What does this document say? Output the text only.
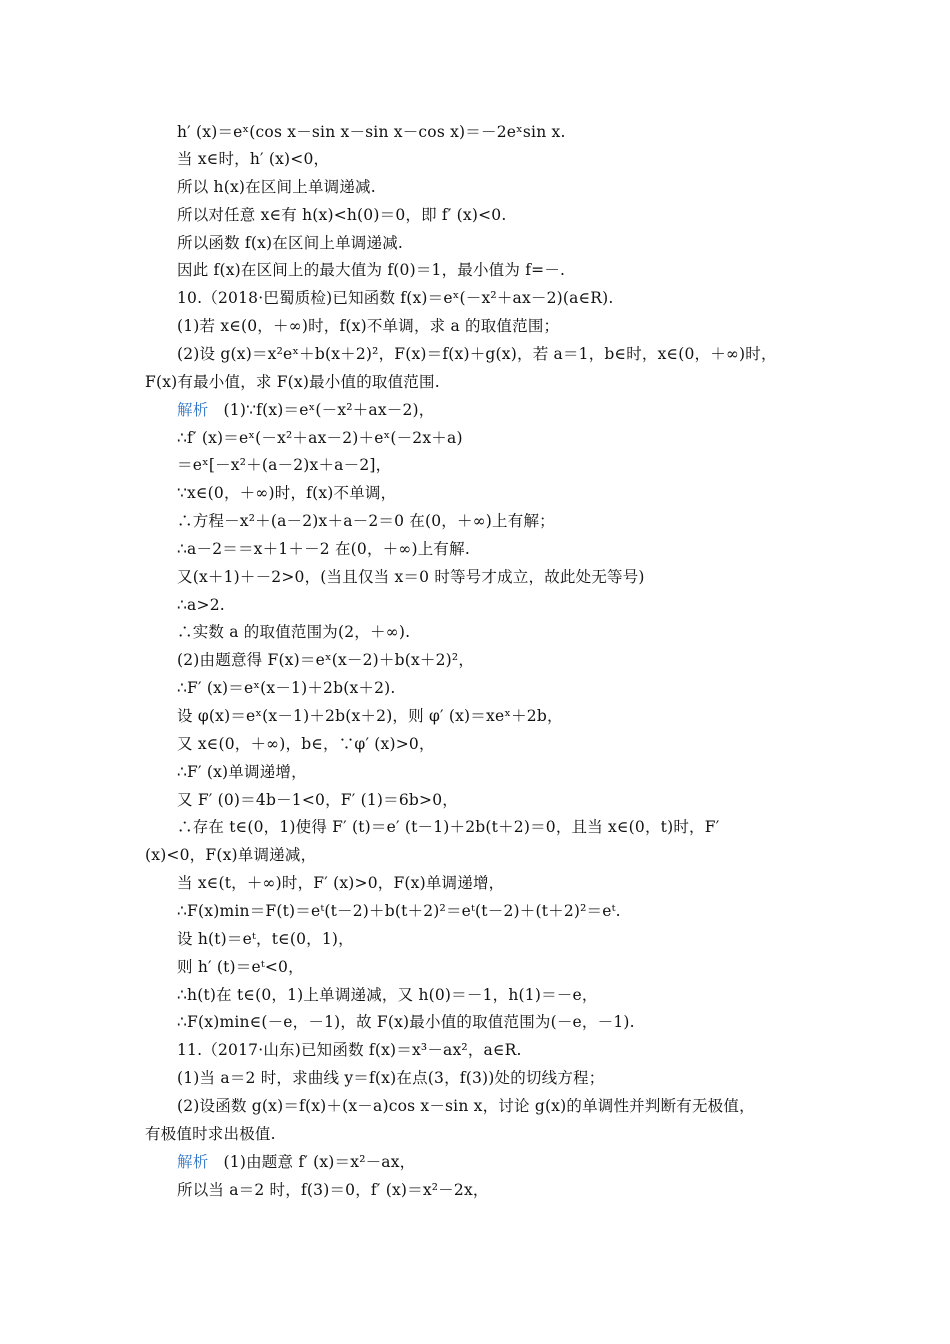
h′ (x)＝eˣ(cos x－sin x－sin x－cos x)＝－2eˣsin x.
当 x∈时，h′ (x)<0，
所以 h(x)在区间上单调递减.
所以对任意 x∈有 h(x)<h(0)＝0，即 f′ (x)<0.
所以函数 f(x)在区间上单调递减.
因此 f(x)在区间上的最大值为 f(0)＝1，最小值为 f=－.
10.（2018·巴蜀质检)已知函数 f(x)＝eˣ(－x²＋ax－2)(a∈R).
(1)若 x∈(0，＋∞)时，f(x)不单调，求 a 的取值范围；
(2)设 g(x)＝x²eˣ＋b(x＋2)²，F(x)＝f(x)＋g(x)，若 a＝1，b∈时，x∈(0，＋∞)时，
F(x)有最小值，求 F(x)最小值的取值范围.
解析 (1)∵f(x)＝eˣ(－x²＋ax－2)，
∴f′ (x)＝eˣ(－x²＋ax－2)＋eˣ(－2x＋a)
＝eˣ[－x²＋(a－2)x＋a－2]，
∵x∈(0，＋∞)时，f(x)不单调，
∴方程－x²＋(a－2)x＋a－2＝0 在(0，＋∞)上有解；
∴a－2＝＝x＋1＋－2 在(0，＋∞)上有解.
又(x＋1)＋－2>0，(当且仅当 x＝0 时等号才成立，故此处无等号)
∴a>2.
∴实数 a 的取值范围为(2，＋∞).
(2)由题意得 F(x)＝eˣ(x－2)＋b(x＋2)²，
∴F′ (x)＝eˣ(x－1)＋2b(x＋2).
设 φ(x)＝eˣ(x－1)＋2b(x＋2)，则 φ′ (x)＝xeˣ＋2b，
又 x∈(0，＋∞)，b∈，∵φ′ (x)>0，
∴F′ (x)单调递增，
又 F′ (0)＝4b－1<0，F′ (1)＝6b>0，
∴存在 t∈(0，1)使得 F′ (t)＝e′ (t－1)＋2b(t＋2)＝0，且当 x∈(0，t)时，F′
(x)<0，F(x)单调递减，
当 x∈(t，＋∞)时，F′ (x)>0，F(x)单调递增，
∴F(x)min＝F(t)＝eᵗ(t－2)＋b(t＋2)²＝eᵗ(t－2)＋(t＋2)²＝eᵗ.
设 h(t)＝eᵗ，t∈(0，1)，
则 h′ (t)＝eᵗ<0，
∴h(t)在 t∈(0，1)上单调递减，又 h(0)＝－1，h(1)＝－e，
∴F(x)min∈(－e，－1)，故 F(x)最小值的取值范围为(－e，－1).
11.（2017·山东)已知函数 f(x)＝x³－ax²，a∈R.
(1)当 a＝2 时，求曲线 y＝f(x)在点(3，f(3))处的切线方程；
(2)设函数 g(x)＝f(x)＋(x－a)cos x－sin x，讨论 g(x)的单调性并判断有无极值，
有极值时求出极值.
解析 (1)由题意 f′ (x)＝x²－ax，
所以当 a＝2 时，f(3)＝0，f′ (x)＝x²－2x，
